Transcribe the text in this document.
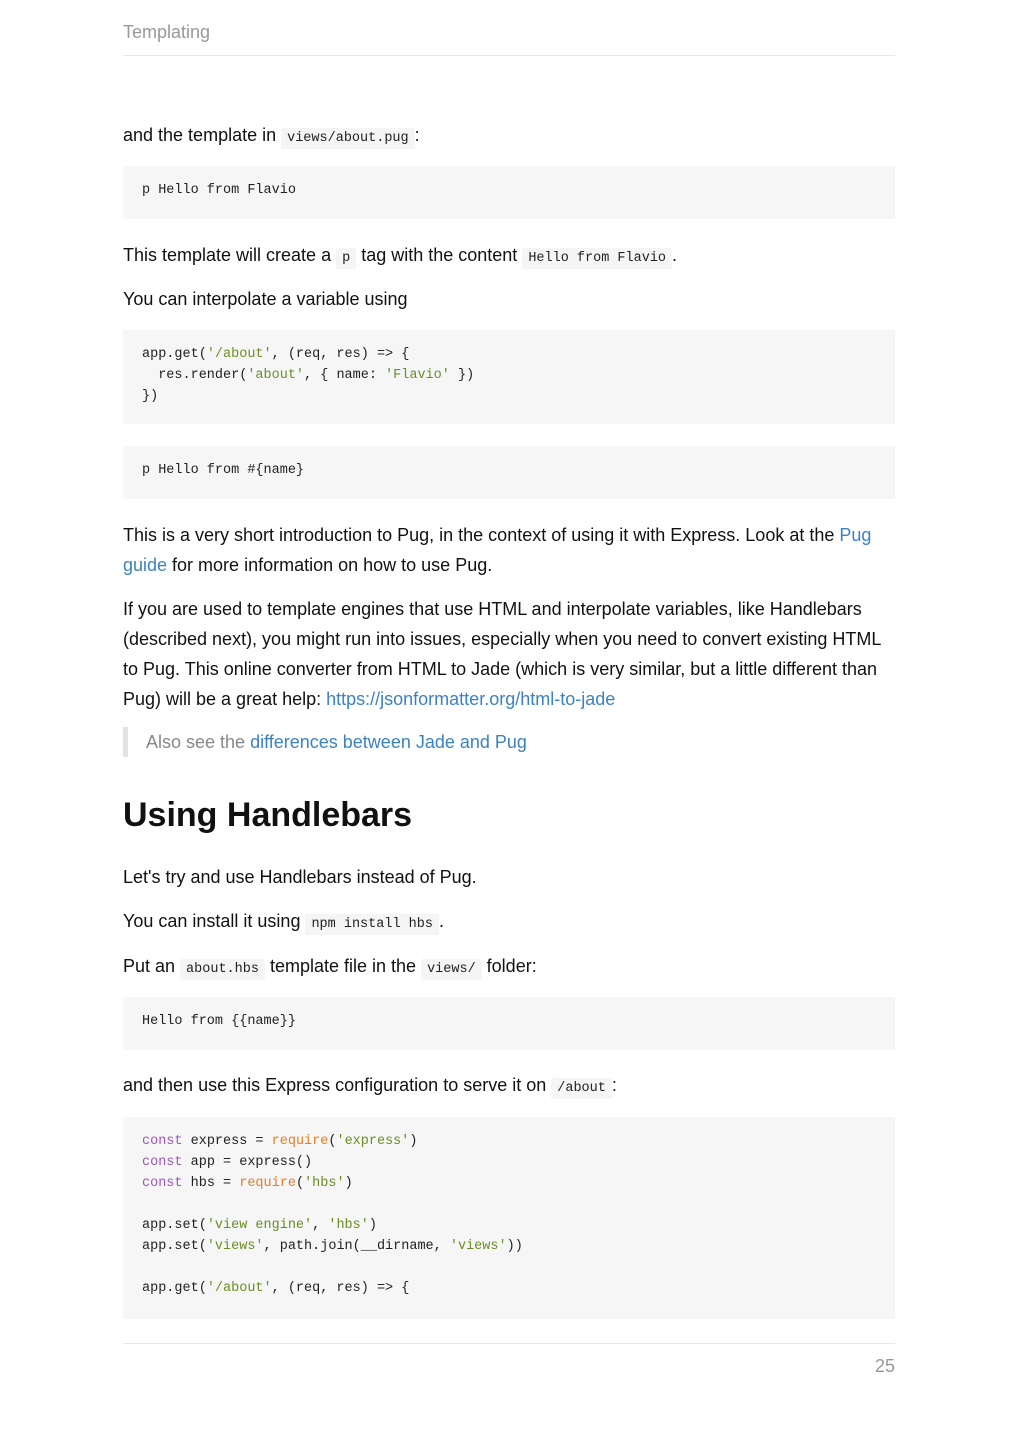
Templating

and the template in views/about.pug :

p Hello from Flavio

This template will create a p tag with the content Hello from Flavio .

You can interpolate a variable using

app.get('/about', (req, res) => {
res.render('about', { name: 'Flavio' })
})
p Hello from #{name}

This is a very short introduction to Pug, in the context of using it with Express. Look at the Pug guide for more information on how to use Pug.

If you are used to template engines that use HTML and interpolate variables, like Handlebars (described next), you might run into issues, especially when you need to convert existing HTML to Pug. This online converter from HTML to Jade (which is very similar, but a little different than Pug) will be a great help: https://jsonformatter.org/html-to-jade

Also see the differences between Jade and Pug
Using Handlebars

Let's try and use Handlebars instead of Pug.

You can install it using npm install hbs .

Put an about.hbs template file in the views/ folder:

Hello from {{name}}

and then use this Express configuration to serve it on /about :

const express = require('express')
const app = express()
const hbs = require('hbs')

app.set('view engine', 'hbs')
app.set('views', path.join(__dirname, 'views'))

app.get('/about', (req, res) => {
25
